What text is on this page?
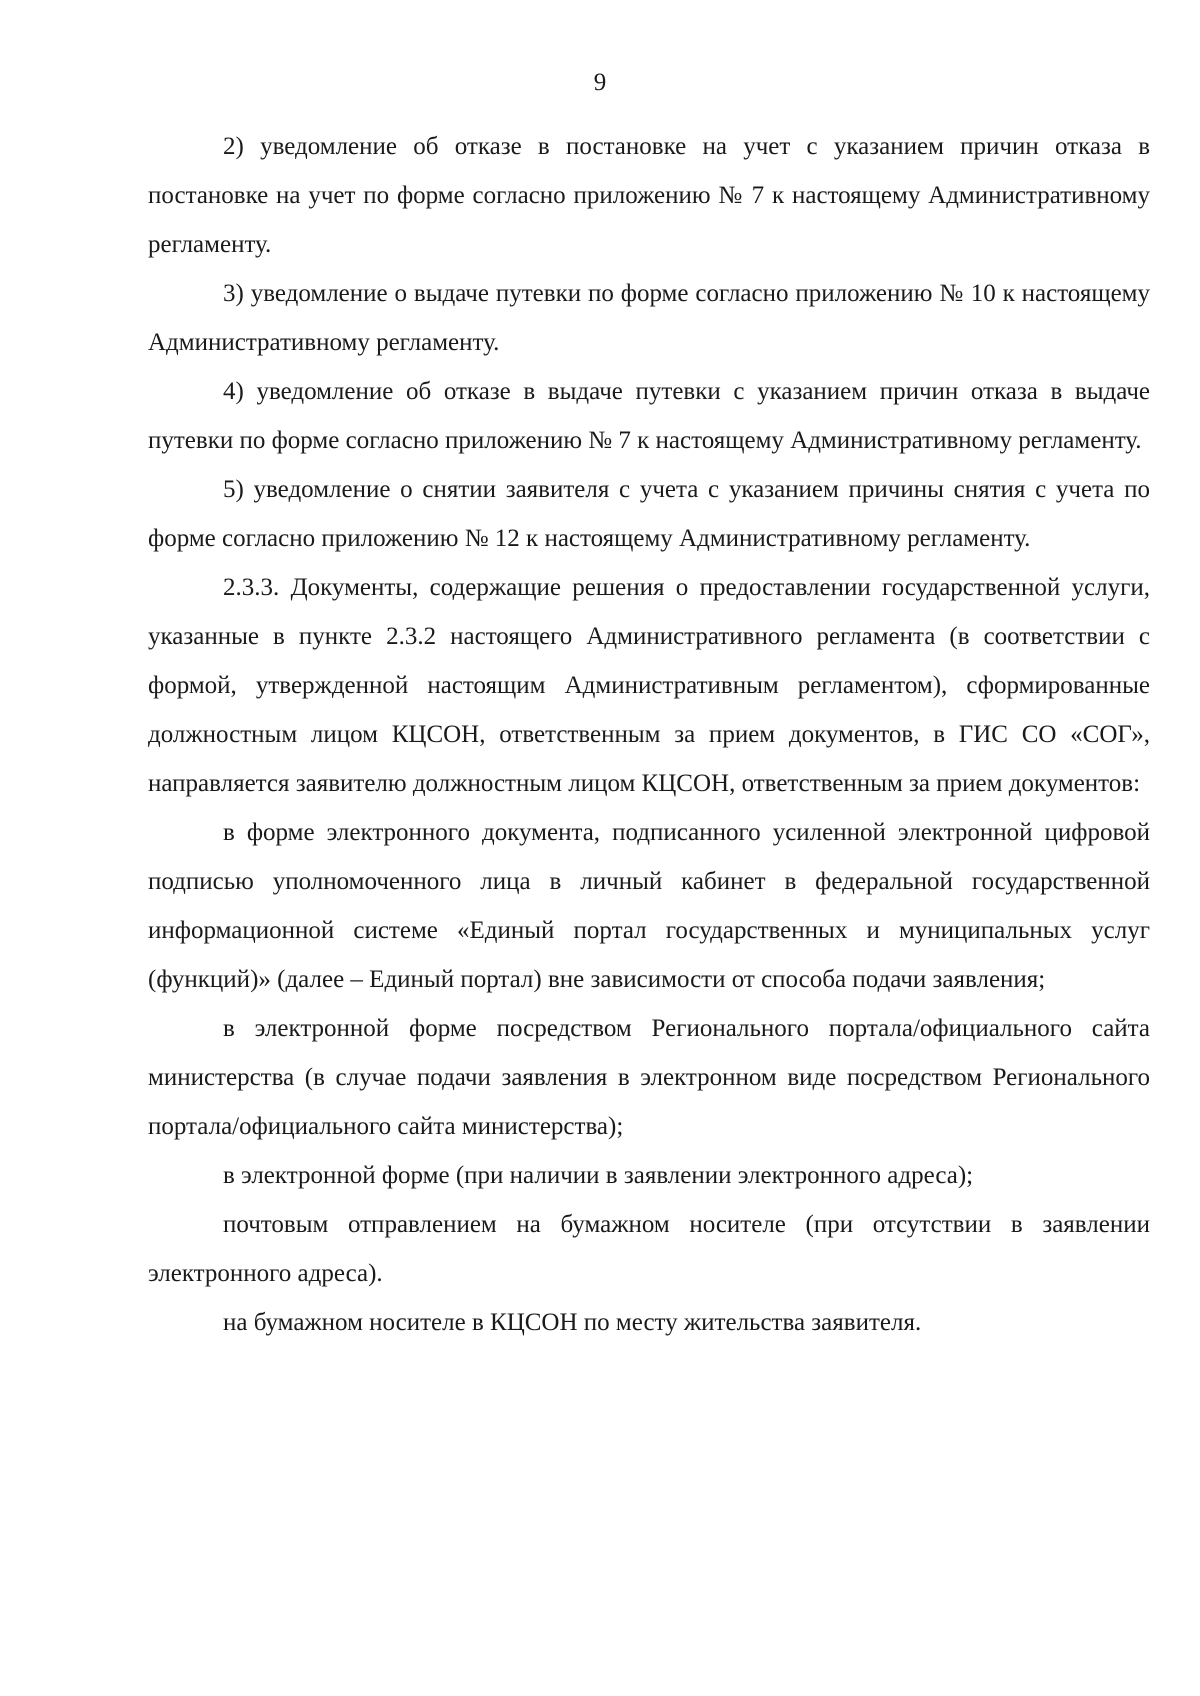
9

2) уведомление об отказе в постановке на учет с указанием причин отказа в постановке на учет по форме согласно приложению № 7 к настоящему Административному регламенту.

3) уведомление о выдаче путевки по форме согласно приложению № 10 к настоящему Административному регламенту.

4) уведомление об отказе в выдаче путевки с указанием причин отказа в выдаче путевки по форме согласно приложению № 7 к настоящему Административному регламенту.

5) уведомление о снятии заявителя с учета с указанием причины снятия с учета по форме согласно приложению № 12 к настоящему Административному регламенту.

2.3.3. Документы, содержащие решения о предоставлении государственной услуги, указанные в пункте 2.3.2 настоящего Административного регламента (в соответствии с формой, утвержденной настоящим Административным регламентом), сформированные должностным лицом КЦСОН, ответственным за прием документов, в ГИС СО «СОГ», направляется заявителю должностным лицом КЦСОН, ответственным за прием документов:

в форме электронного документа, подписанного усиленной электронной цифровой подписью уполномоченного лица в личный кабинет в федеральной государственной информационной системе «Единый портал государственных и муниципальных услуг (функций)» (далее – Единый портал) вне зависимости от способа подачи заявления;

в электронной форме посредством Регионального портала/официального сайта министерства (в случае подачи заявления в электронном виде посредством Регионального портала/официального сайта министерства);

в электронной форме (при наличии в заявлении электронного адреса);

почтовым отправлением на бумажном носителе (при отсутствии в заявлении электронного адреса).

на бумажном носителе в КЦСОН по месту жительства заявителя.
